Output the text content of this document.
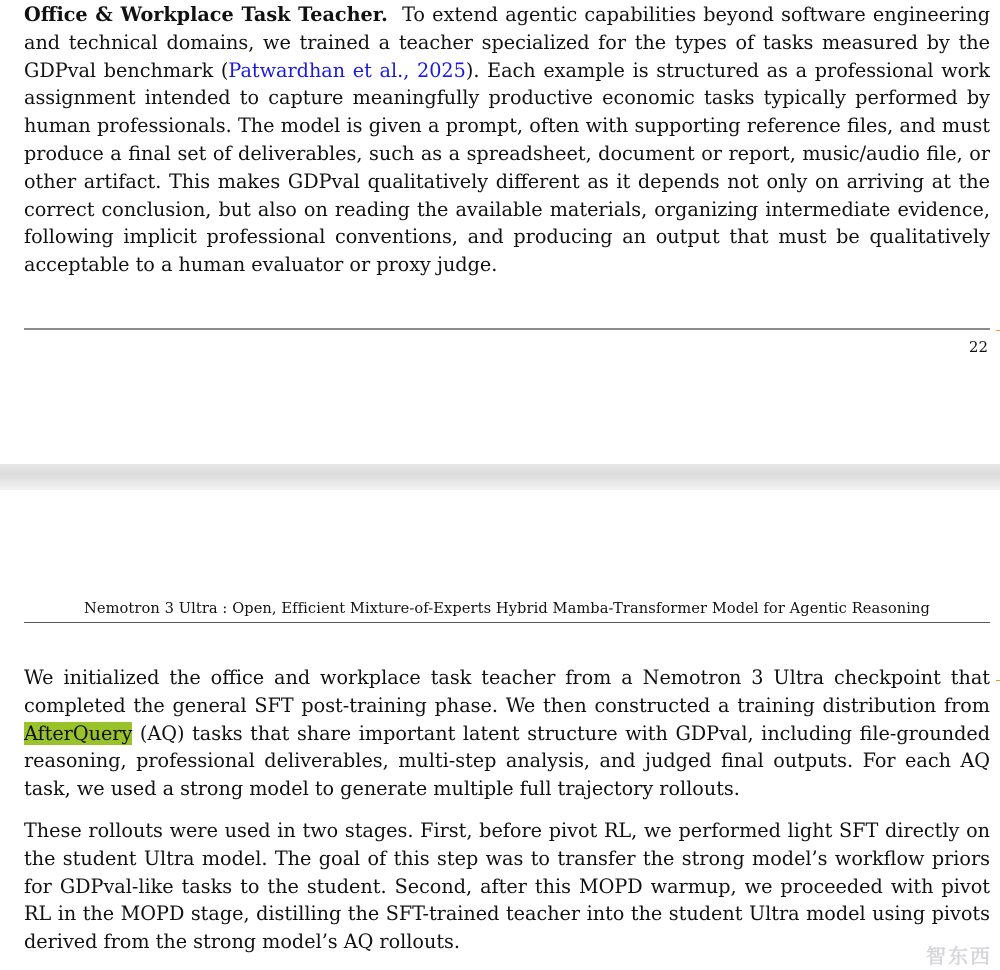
Office & Workplace Task Teacher. To extend agentic capabilities beyond software engineering and technical domains, we trained a teacher specialized for the types of tasks measured by the GDPval benchmark (Patwardhan et al., 2025). Each example is structured as a professional work assignment intended to capture meaningfully productive economic tasks typically performed by human professionals. The model is given a prompt, often with supporting reference files, and must produce a final set of deliverables, such as a spreadsheet, document or report, music/audio file, or other artifact. This makes GDPval qualitatively different as it depends not only on arriving at the correct conclusion, but also on reading the available materials, organizing intermediate evidence, following implicit professional conventions, and producing an output that must be qualitatively acceptable to a human evaluator or proxy judge.

22
Nemotron 3 Ultra : Open, Efficient Mixture-of-Experts Hybrid Mamba-Transformer Model for Agentic Reasoning

We initialized the office and workplace task teacher from a Nemotron 3 Ultra checkpoint that completed the general SFT post-training phase. We then constructed a training distribution from AfterQuery (AQ) tasks that share important latent structure with GDPval, including file-grounded reasoning, professional deliverables, multi-step analysis, and judged final outputs. For each AQ task, we used a strong model to generate multiple full trajectory rollouts.

These rollouts were used in two stages. First, before pivot RL, we performed light SFT directly on the student Ultra model. The goal of this step was to transfer the strong model’s workflow priors for GDPval-like tasks to the student. Second, after this MOPD warmup, we proceeded with pivot RL in the MOPD stage, distilling the SFT-trained teacher into the student Ultra model using pivots derived from the strong model’s AQ rollouts.

智东西
